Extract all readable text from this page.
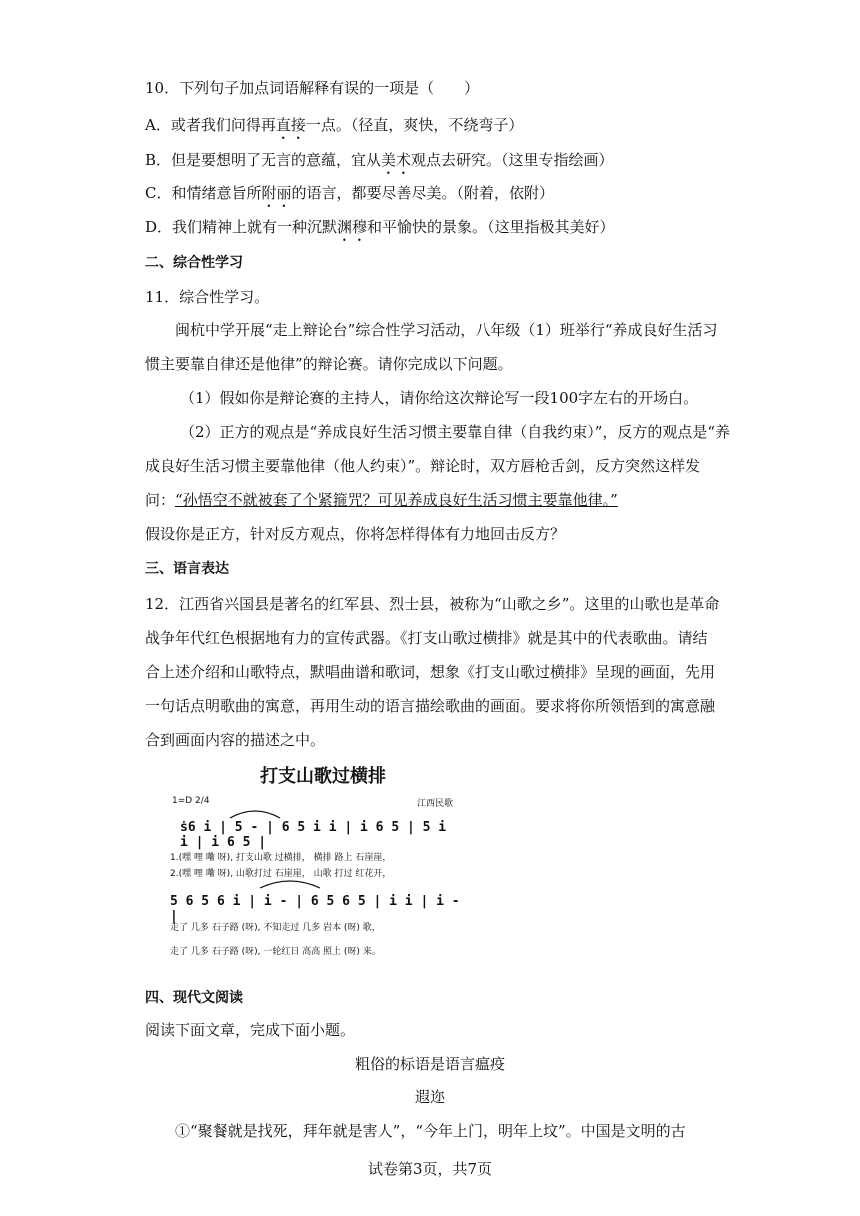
10．下列句子加点词语解释有误的一项是（　　）
A．或者我们问得再直接一点。（径直，爽快，不绕弯子）
B．但是要想明了无言的意蕴，宜从美术观点去研究。（这里专指绘画）
C．和情绪意旨所附丽的语言，都要尽善尽美。（附着，依附）
D．我们精神上就有一种沉默渊穆和平愉快的景象。（这里指极其美好）
二、综合性学习
11．综合性学习。
闽杭中学开展“走上辩论台”综合性学习活动，八年级（1）班举行“养成良好生活习
惯主要靠自律还是他律”的辩论赛。请你完成以下问题。
（1）假如你是辩论赛的主持人，请你给这次辩论写一段100字左右的开场白。
（2）正方的观点是“养成良好生活习惯主要靠自律（自我约束）”，反方的观点是“养
成良好生活习惯主要靠他律（他人约束）”。辩论时，双方唇枪舌剑，反方突然这样发
问：“孙悟空不就被套了个紧箍咒？可见养成良好生活习惯主要靠他律。”
假设你是正方，针对反方观点，你将怎样得体有力地回击反方？
三、语言表达
12．江西省兴国县是著名的红军县、烈士县，被称为“山歌之乡”。这里的山歌也是革命
战争年代红色根据地有力的宣传武器。《打支山歌过横排》就是其中的代表歌曲。请结
合上述介绍和山歌特点，默唱曲谱和歌词，想象《打支山歌过横排》呈现的画面，先用
一句话点明歌曲的寓意，再用生动的语言描绘歌曲的画面。要求将你所领悟到的寓意融
合到画面内容的描述之中。
打支山歌过横排
1=D 2/4	江西民歌
ṡ6 i | 5 - | 6 5 i i | i 6 5 | 5 i i | i 6 5 |
1.(嘿 哩 嘞 呀), 打支山歌 过横排， 横排 路上 石崖崖，
2.(嘿 哩 嘞 呀), 山歌打过 石崖崖， 山歌 打过 红花开，
5 6 5 6 i | i - | 6 5 6 5 | i i | i - |
走了 几多 石子路 (呀), 不知走过 几多 岩本 (呀) 歌，
走了 几多 石子路 (呀), 一轮红日 高高 照上 (呀) 来。
四、现代文阅读
阅读下面文章，完成下面小题。
粗俗的标语是语言瘟疫
遐迩
①“聚餐就是找死，拜年就是害人”，“今年上门，明年上坟”。中国是文明的古
试卷第3页，共7页
